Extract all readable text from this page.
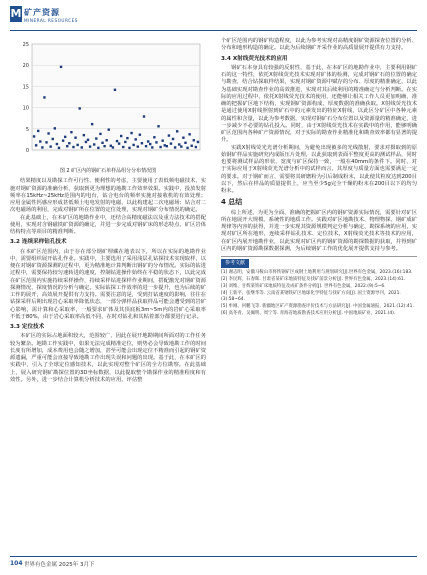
M 矿产资源
MINERAL RESOURCES
0
5
10
15
20
25

图 2 矿区内的钢矿石单样品组分分布情况图

结果精度以及勘探工作可行性、便利性的考虑，主要使用了表低频电磁技术，实施对钢矿资源的准确分析，获取到更为理想的地勘工作效率效果。实践中，投放发射频率在15kHz~25kHz范围内的电台，钻合电台的频率实施对接收机的有效处理；应用金属性钙感应形成甚低频土电电发射的电磁，以此构建起二次电磁场；钻合对二次电磁场的利用，完成对钢矿所在位置的定位处理，实现对钢矿分布情况的确定。

在此基础上，在本矿区的地勘作业中，还结合高精度磁法以及重力法技术的搭配使用，实现对含钢磁铁矿资源的确定，并进一步完成对钢矿床的形态特点、矿区岩体结构特点等项目的精准判断。

3.2 连续采样钻孔技术

在本矿区范围内，由于存在部分钢矿埋藏在地表以下，所以在实际的地勘作业中，需要组织展开钻孔作业。实践中，主要选用了采用浅层孔钻探技术实现取样，以便在对钢矿资源探测的过程中，更为精准地计算判断出钢矿的分布情况。实际的钻进过程中，需要保持较匀速转进的速度，控制钻进操作始终在平稳的状态下，以此完成在矿区范围内实施持续采样操作，持续采样钻进探样作业期间，搭配激光对钢矿资源探测情况，探度情况的分析与确定。实际钻探工作效率的进一步提升，也为后续的矿工作的展开，高效展开提供有力支持。需要注意的是，受到打钻速度的影响，往往在钻探采样后期出现岩心采取率降低状态，一部分弹样品获取样品可能会遭受到的岩矿心影响，需计算和心采取率，一般要求矿体及其顶底板3m~5m内的岩矿心采取率不低于80%，由于岩心采取率高低不同，在时对钻孔和其粘着部分都要进行记录。

3.3 定位技术

本矿区的实际占地面积较大，范围较广，因此在展开地勘期间所面对的工作任务较为繁杂。地勘工作实践中，如果无法完成精准定位，则势必会导致地勘工作的时间长度有所增加，成本费用也会随之增加，甚至可能会出现定位不精准而引起的钢矿资源遗漏，严重可能会直接导致地勘工作出现失误和问题的出现。基于此，在本矿区的实践中，引入了全球定位感知技术，以此实现对整个矿区的全方位勘察。在此基础上，展入研究钢矿勘探位置的3D坐标数据，以此提取整个勘探作业的精准程度和有效性。另外，进一步结合计算机分析技术的应用，评估整

个矿区范围内的钢矿构造程度，以此为参考实现对高精度钢矿资源探查位置的分析、分布和地形构造的确定。以此为后续钢矿开采作业的高质量展开提供有力支持。

3.4 X射线荧光技术的应用

钢矿石本身具有较强的反射性，基于此，在本矿区的地勘作业中，主要利用钢矿石的这一特性，依托X射线荧光技术实现对矿体的检测，完成对钢矿石的位置的确定与勘查，结合钻探取样结果，实现对钢矿资源中赋存的分布、厚度的精准确定，以此为基础实现对勘查作业的高效推进，实现对其后续利用的精准确定与分析判断。在实际的应用过程中，依托X射线荧光技术的使用，还能够让相关工作人员更加明确、准确的把握矿区地下结构，实现钢矿资源构成、厚度数据的准确获取。X射线荧光技术是通过使用X射线照射到矿石中的元素发出的特征X射线，以此区分矿区中各种元素的属性和含量，以此为参考数据，实现对钢矿石分布位置以及资源量的精准确定，进一步减少不必要的钻孔投入。同时，由于X射线荧光技术在实践中的作用，能够明确矿区范围内各种矿产资源情况，对于实际的勘查作业精准化和勘查效率都有显著的提升。

实践X射线荧光光谱分析期间，为避免出现被多的光线散射，要求对摄取到的原始钢矿样品实施研究内成版压片处理，以此获取到表面平整度更高的测试样品，同时也要将测试样品的形状、宽度与矿区保持一致，一般在40mm的条件下。同时，对于实际应用于X射线荧光光谱分析中的试样而言，其厚度与质量方面也需要满足一定的要求。对于钢矿而言，需要将其研磨粉为引后制成粉末，以此使其粒度达到200目以下，然后在样品的质量提供上，应当至少5g完全干燥的粉末在200目以下的均匀粉末。

4 总结

综上所述，为更为全面、准确的把握矿区内的钢矿资源实际情况，需要针对矿区所在地展开大规模、系统性的地质工作。实践对矿区地勘技术、物理物探、钢矿成矿规律等内容的获得，并进一步实现其资源规模判定分析与确定、勘探系统的应用，实现对矿区所在地形，连续采样钻孔技术、定位技术，X射线荧光技术等技术的应用，在矿区内展开地勘作业，以此实现对矿区内的钢矿资源的勘探数据的获取，并得到矿区内的钢矿资源勘探数据探测，为后续钢矿工作的优化展开提供支持与参考。

参考文献
[1] 谢志明，安徽马鞍山市将铁钢矿区成钢土地利用与规划研究[J].世界有色金属，2023.(16):183.
[2] 李民辉，石春晖. 甘肃省某矿床地质特征及找矿前景分析[J]. 世界有色金属，2023.(14):61.
[3] 刘维、甘辉某铁矿床地质特征及成矿条件分析[J]. 世界有色金属，2022.(9):5~6.
[4] 王新平、张继华等. 云南省某钢铁矿区地球化学特征与找矿方向[J]. 国土资源导刊，2021.(3):58~64.
[5] 牟刚、何鹏飞等. 新疆地区矿产资源勘查评价技术与方法研究[J]. 中国金属通报，2021.(12):41.
[6] 高冬青、吴佩明、周宁等. 青海省地质勘查技术应用分析[J]. 中国地质矿业，2021.(4).
104 世界有色金属 2025年 3月下
